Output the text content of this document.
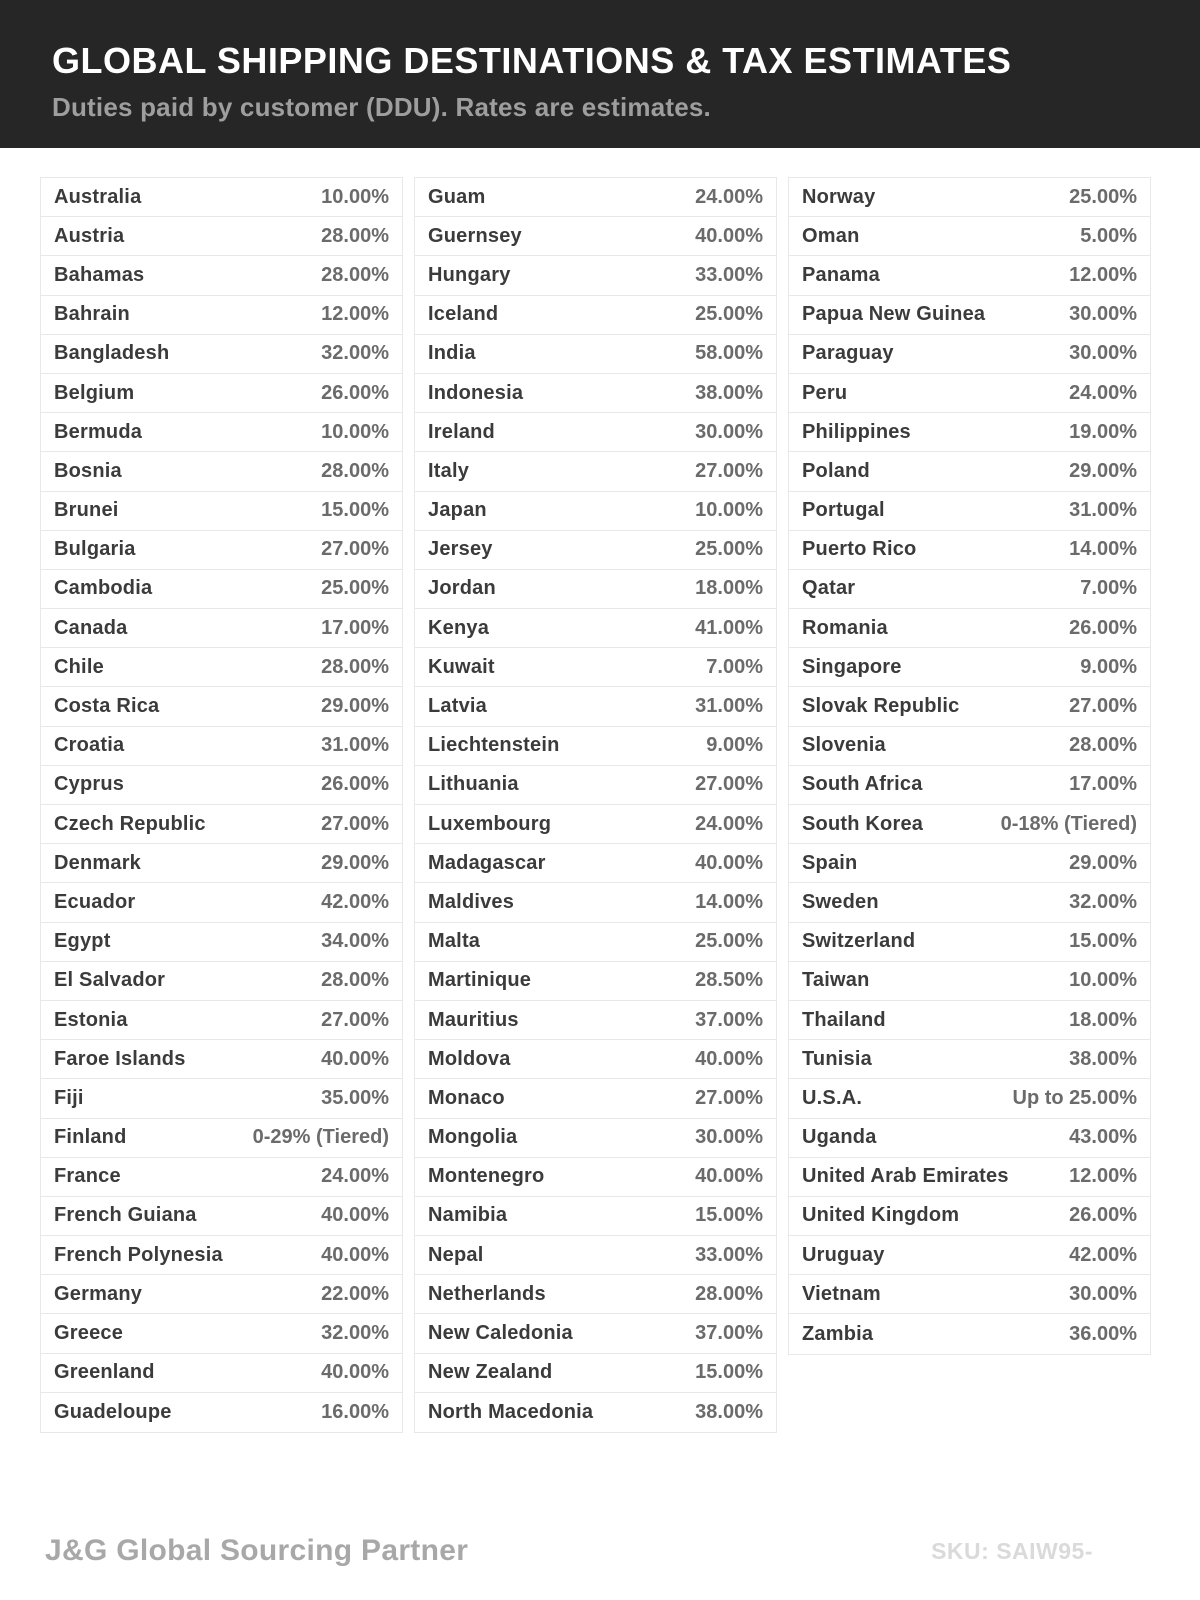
GLOBAL SHIPPING DESTINATIONS & TAX ESTIMATES
Duties paid by customer (DDU). Rates are estimates.
Australia	10.00%
Austria	28.00%
Bahamas	28.00%
Bahrain	12.00%
Bangladesh	32.00%
Belgium	26.00%
Bermuda	10.00%
Bosnia	28.00%
Brunei	15.00%
Bulgaria	27.00%
Cambodia	25.00%
Canada	17.00%
Chile	28.00%
Costa Rica	29.00%
Croatia	31.00%
Cyprus	26.00%
Czech Republic	27.00%
Denmark	29.00%
Ecuador	42.00%
Egypt	34.00%
El Salvador	28.00%
Estonia	27.00%
Faroe Islands	40.00%
Fiji	35.00%
Finland	0-29% (Tiered)
France	24.00%
French Guiana	40.00%
French Polynesia	40.00%
Germany	22.00%
Greece	32.00%
Greenland	40.00%
Guadeloupe	16.00%
Guam	24.00%
Guernsey	40.00%
Hungary	33.00%
Iceland	25.00%
India	58.00%
Indonesia	38.00%
Ireland	30.00%
Italy	27.00%
Japan	10.00%
Jersey	25.00%
Jordan	18.00%
Kenya	41.00%
Kuwait	7.00%
Latvia	31.00%
Liechtenstein	9.00%
Lithuania	27.00%
Luxembourg	24.00%
Madagascar	40.00%
Maldives	14.00%
Malta	25.00%
Martinique	28.50%
Mauritius	37.00%
Moldova	40.00%
Monaco	27.00%
Mongolia	30.00%
Montenegro	40.00%
Namibia	15.00%
Nepal	33.00%
Netherlands	28.00%
New Caledonia	37.00%
New Zealand	15.00%
North Macedonia	38.00%
Norway	25.00%
Oman	5.00%
Panama	12.00%
Papua New Guinea	30.00%
Paraguay	30.00%
Peru	24.00%
Philippines	19.00%
Poland	29.00%
Portugal	31.00%
Puerto Rico	14.00%
Qatar	7.00%
Romania	26.00%
Singapore	9.00%
Slovak Republic	27.00%
Slovenia	28.00%
South Africa	17.00%
South Korea	0-18% (Tiered)
Spain	29.00%
Sweden	32.00%
Switzerland	15.00%
Taiwan	10.00%
Thailand	18.00%
Tunisia	38.00%
U.S.A.	Up to 25.00%
Uganda	43.00%
United Arab Emirates	12.00%
United Kingdom	26.00%
Uruguay	42.00%
Vietnam	30.00%
Zambia	36.00%
J&G Global Sourcing Partner	SKU: SAIW95-
